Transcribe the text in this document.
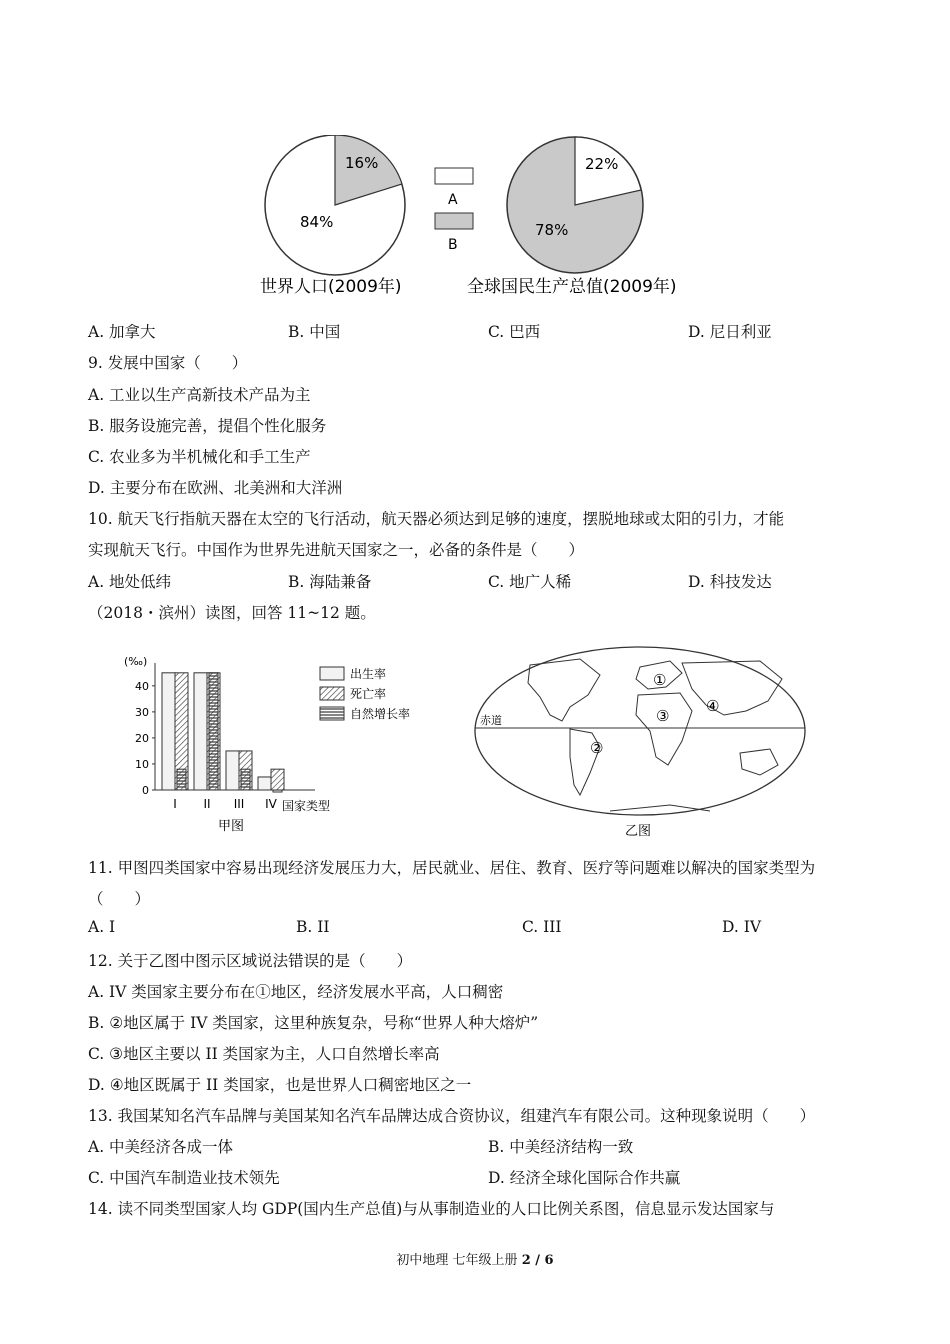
16%
84%
世界人口(2009年)
A
B
22%
78%
全球国民生产总值(2009年)
A. 加拿大	B. 中国	C. 巴西	D. 尼日利亚
9. 发展中国家（　　）
A. 工业以生产高新技术产品为主
B. 服务设施完善，提倡个性化服务
C. 农业多为半机械化和手工生产
D. 主要分布在欧洲、北美洲和大洋洲
10. 航天飞行指航天器在太空的飞行活动，航天器必须达到足够的速度，摆脱地球或太阳的引力，才能
实现航天飞行。中国作为世界先进航天国家之一，必备的条件是（　　）
A. 地处低纬	B. 海陆兼备	C. 地广人稀	D. 科技发达
（2018・滨州）读图，回答 11~12 题。
(‰)
0
10
20
30
40
I II III IV 国家类型
甲图
出生率
死亡率
自然增长率	赤道
①
②
③
④
乙图
11. 甲图四类国家中容易出现经济发展压力大，居民就业、居住、教育、医疗等问题难以解决的国家类型为
（　　）
A. I	B. II	C. III	D. IV
12. 关于乙图中图示区域说法错误的是（　　）
A. IV 类国家主要分布在①地区，经济发展水平高，人口稠密
B. ②地区属于 IV 类国家，这里种族复杂，号称“世界人种大熔炉”
C. ③地区主要以 II 类国家为主，人口自然增长率高
D. ④地区既属于 II 类国家，也是世界人口稠密地区之一
13. 我国某知名汽车品牌与美国某知名汽车品牌达成合资协议，组建汽车有限公司。这种现象说明（　　）
A. 中美经济各成一体	B. 中美经济结构一致
C. 中国汽车制造业技术领先	D. 经济全球化国际合作共赢
14. 读不同类型国家人均 GDP(国内生产总值)与从事制造业的人口比例关系图，信息显示发达国家与
初中地理 七年级上册 2 / 6
